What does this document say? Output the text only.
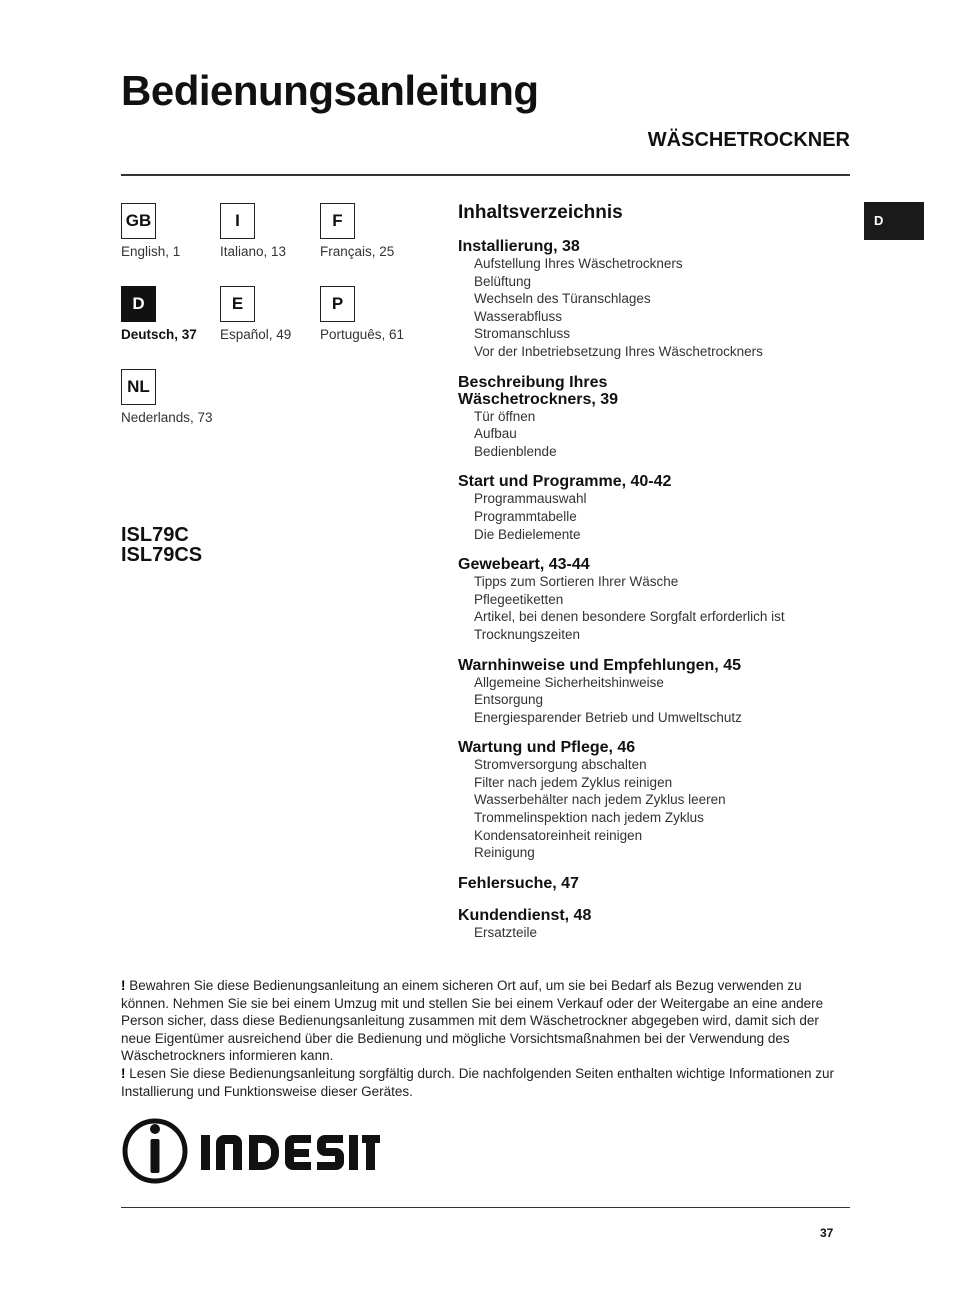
Bedienungsanleitung
WÄSCHETROCKNER
D
GB
English, 1
I
Italiano, 13
F
Français, 25
D
Deutsch, 37
E
Español, 49
P
Português, 61
NL
Nederlands, 73
ISL79C
ISL79CS
Inhaltsverzeichnis
Installierung, 38
Aufstellung Ihres Wäschetrockners
Belüftung
Wechseln des Türanschlages
Wasserabfluss
Stromanschluss
Vor der Inbetriebsetzung Ihres Wäschetrockners
Beschreibung Ihres Wäschetrockners, 39
Tür öffnen
Aufbau
Bedienblende
Start und Programme, 40-42
Programmauswahl
Programmtabelle
Die Bedielemente
Gewebeart, 43-44
Tipps zum Sortieren Ihrer Wäsche
Pflegeetiketten
Artikel, bei denen besondere Sorgfalt erforderlich ist
Trocknungszeiten
Warnhinweise und Empfehlungen, 45
Allgemeine Sicherheitshinweise
Entsorgung
Energiesparender Betrieb und Umweltschutz
Wartung und Pflege, 46
Stromversorgung abschalten
Filter nach jedem Zyklus reinigen
Wasserbehälter nach jedem Zyklus leeren
Trommelinspektion nach jedem Zyklus
Kondensatoreinheit reinigen
Reinigung
Fehlersuche, 47
Kundendienst, 48
Ersatzteile

! Bewahren Sie diese Bedienungsanleitung an einem sicheren Ort auf, um sie bei Bedarf als Bezug verwenden zu können. Nehmen Sie sie bei einem Umzug mit und stellen Sie bei einem Verkauf oder der Weitergabe an eine andere Person sicher, dass diese Bedienungsanleitung zusammen mit dem Wäschetrockner abgegeben wird, damit sich der neue Eigentümer ausreichend über die Bedienung und mögliche Vorsichtsmaßnahmen bei der Verwendung des Wäschetrockners informieren kann.

! Lesen Sie diese Bedienungsanleitung sorgfältig durch. Die nachfolgenden Seiten enthalten wichtige Informationen zur Installierung und Funktionsweise dieser Gerätes.

37
